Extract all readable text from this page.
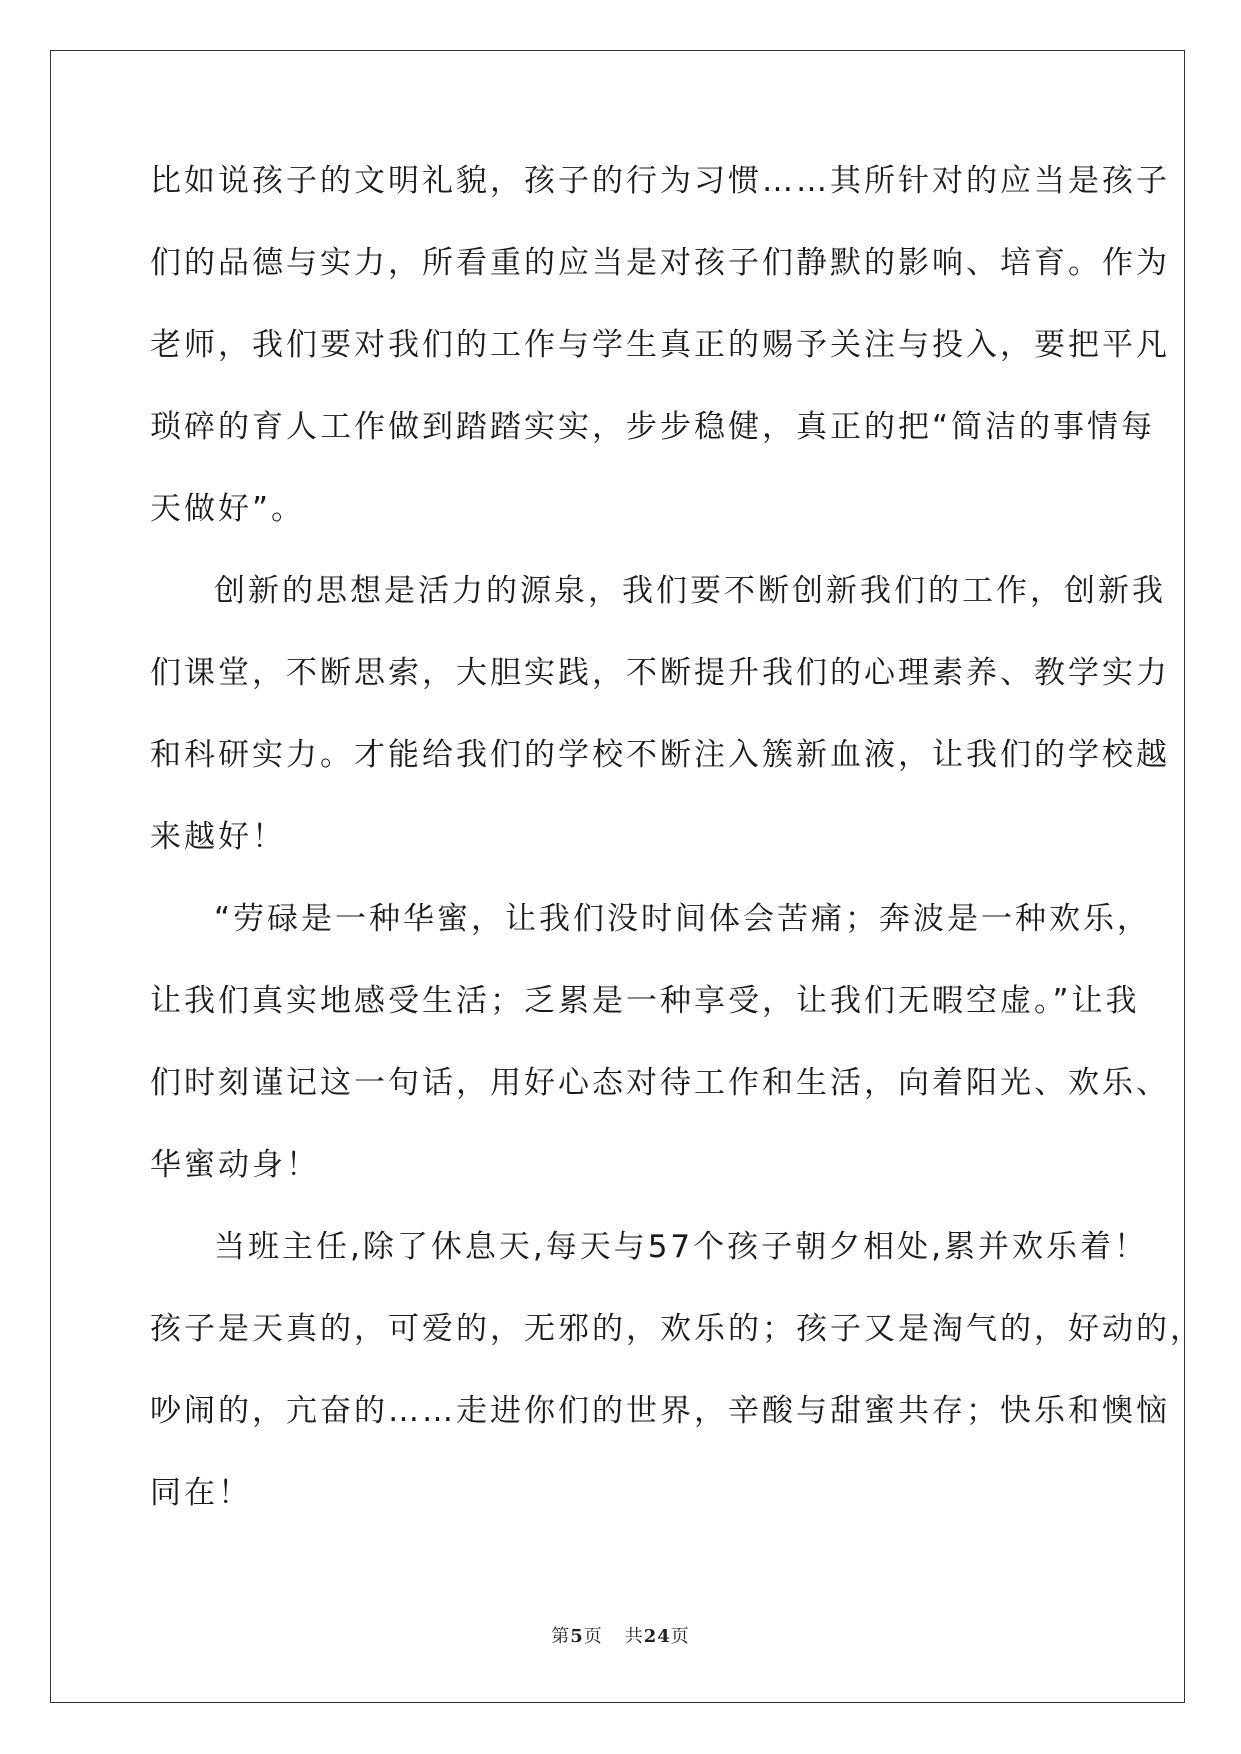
比如说孩子的文明礼貌，孩子的行为习惯……其所针对的应当是孩子
们的品德与实力，所看重的应当是对孩子们静默的影响、培育。作为
老师，我们要对我们的工作与学生真正的赐予关注与投入，要把平凡
琐碎的育人工作做到踏踏实实，步步稳健，真正的把“简洁的事情每
天做好”。
创新的思想是活力的源泉，我们要不断创新我们的工作，创新我
们课堂，不断思索，大胆实践，不断提升我们的心理素养、教学实力
和科研实力。才能给我们的学校不断注入簇新血液，让我们的学校越
来越好！
“劳碌是一种华蜜，让我们没时间体会苦痛；奔波是一种欢乐，
让我们真实地感受生活；乏累是一种享受，让我们无暇空虚。”让我
们时刻谨记这一句话，用好心态对待工作和生活，向着阳光、欢乐、
华蜜动身！
当班主任,除了休息天,每天与57个孩子朝夕相处,累并欢乐着！
孩子是天真的，可爱的，无邪的，欢乐的；孩子又是淘气的，好动的，
吵闹的，亢奋的……走进你们的世界，辛酸与甜蜜共存；快乐和懊恼
同在！
第5页 共24页
